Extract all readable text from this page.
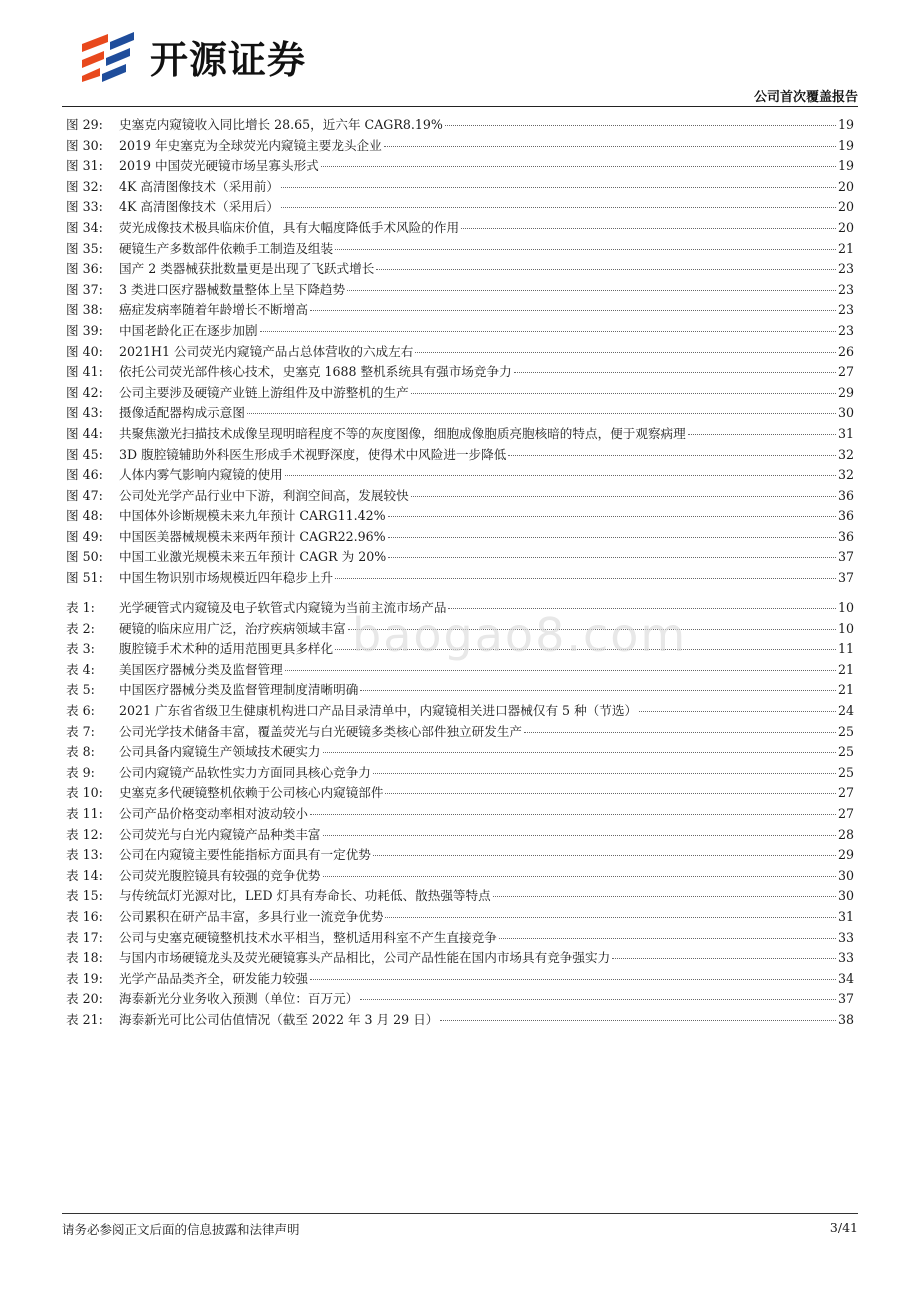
开源证券
公司首次覆盖报告
图 29:	史塞克内窥镜收入同比增长 28.65，近六年 CAGR8.19%	19
图 30:	2019 年史塞克为全球荧光内窥镜主要龙头企业	19
图 31:	2019 中国荧光硬镜市场呈寡头形式	19
图 32:	4K 高清图像技术（采用前）	20
图 33:	4K 高清图像技术（采用后）	20
图 34:	荧光成像技术极具临床价值，具有大幅度降低手术风险的作用	20
图 35:	硬镜生产多数部件依赖手工制造及组装	21
图 36:	国产 2 类器械获批数量更是出现了飞跃式增长	23
图 37:	3 类进口医疗器械数量整体上呈下降趋势	23
图 38:	癌症发病率随着年龄增长不断增高	23
图 39:	中国老龄化正在逐步加剧	23
图 40:	2021H1 公司荧光内窥镜产品占总体营收的六成左右	26
图 41:	依托公司荧光部件核心技术，史塞克 1688 整机系统具有强市场竞争力	27
图 42:	公司主要涉及硬镜产业链上游组件及中游整机的生产	29
图 43:	摄像适配器构成示意图	30
图 44:	共聚焦激光扫描技术成像呈现明暗程度不等的灰度图像，细胞成像胞质亮胞核暗的特点，便于观察病理	31
图 45:	3D 腹腔镜辅助外科医生形成手术视野深度，使得术中风险进一步降低	32
图 46:	人体内雾气影响内窥镜的使用	32
图 47:	公司处光学产品行业中下游，利润空间高，发展较快	36
图 48:	中国体外诊断规模未来九年预计 CARG11.42%	36
图 49:	中国医美器械规模未来两年预计 CAGR22.96%	36
图 50:	中国工业激光规模未来五年预计 CAGR 为 20%	37
图 51:	中国生物识别市场规模近四年稳步上升	37
表 1:	光学硬管式内窥镜及电子软管式内窥镜为当前主流市场产品	10
表 2:	硬镜的临床应用广泛，治疗疾病领域丰富	10
表 3:	腹腔镜手术术种的适用范围更具多样化	11
表 4:	美国医疗器械分类及监督管理	21
表 5:	中国医疗器械分类及监督管理制度清晰明确	21
表 6:	2021 广东省省级卫生健康机构进口产品目录清单中，内窥镜相关进口器械仅有 5 种（节选）	24
表 7:	公司光学技术储备丰富，覆盖荧光与白光硬镜多类核心部件独立研发生产	25
表 8:	公司具备内窥镜生产领域技术硬实力	25
表 9:	公司内窥镜产品软性实力方面同具核心竞争力	25
表 10:	史塞克多代硬镜整机依赖于公司核心内窥镜部件	27
表 11:	公司产品价格变动率相对波动较小	27
表 12:	公司荧光与白光内窥镜产品种类丰富	28
表 13:	公司在内窥镜主要性能指标方面具有一定优势	29
表 14:	公司荧光腹腔镜具有较强的竞争优势	30
表 15:	与传统氙灯光源对比，LED 灯具有寿命长、功耗低、散热强等特点	30
表 16:	公司累积在研产品丰富，多具行业一流竞争优势	31
表 17:	公司与史塞克硬镜整机技术水平相当，整机适用科室不产生直接竞争	33
表 18:	与国内市场硬镜龙头及荧光硬镜寡头产品相比，公司产品性能在国内市场具有竞争强实力	33
表 19:	光学产品品类齐全，研发能力较强	34
表 20:	海泰新光分业务收入预测（单位：百万元）	37
表 21:	海泰新光可比公司估值情况（截至 2022 年 3 月 29 日）	38
baogao8.com
请务必参阅正文后面的信息披露和法律声明	3/41
